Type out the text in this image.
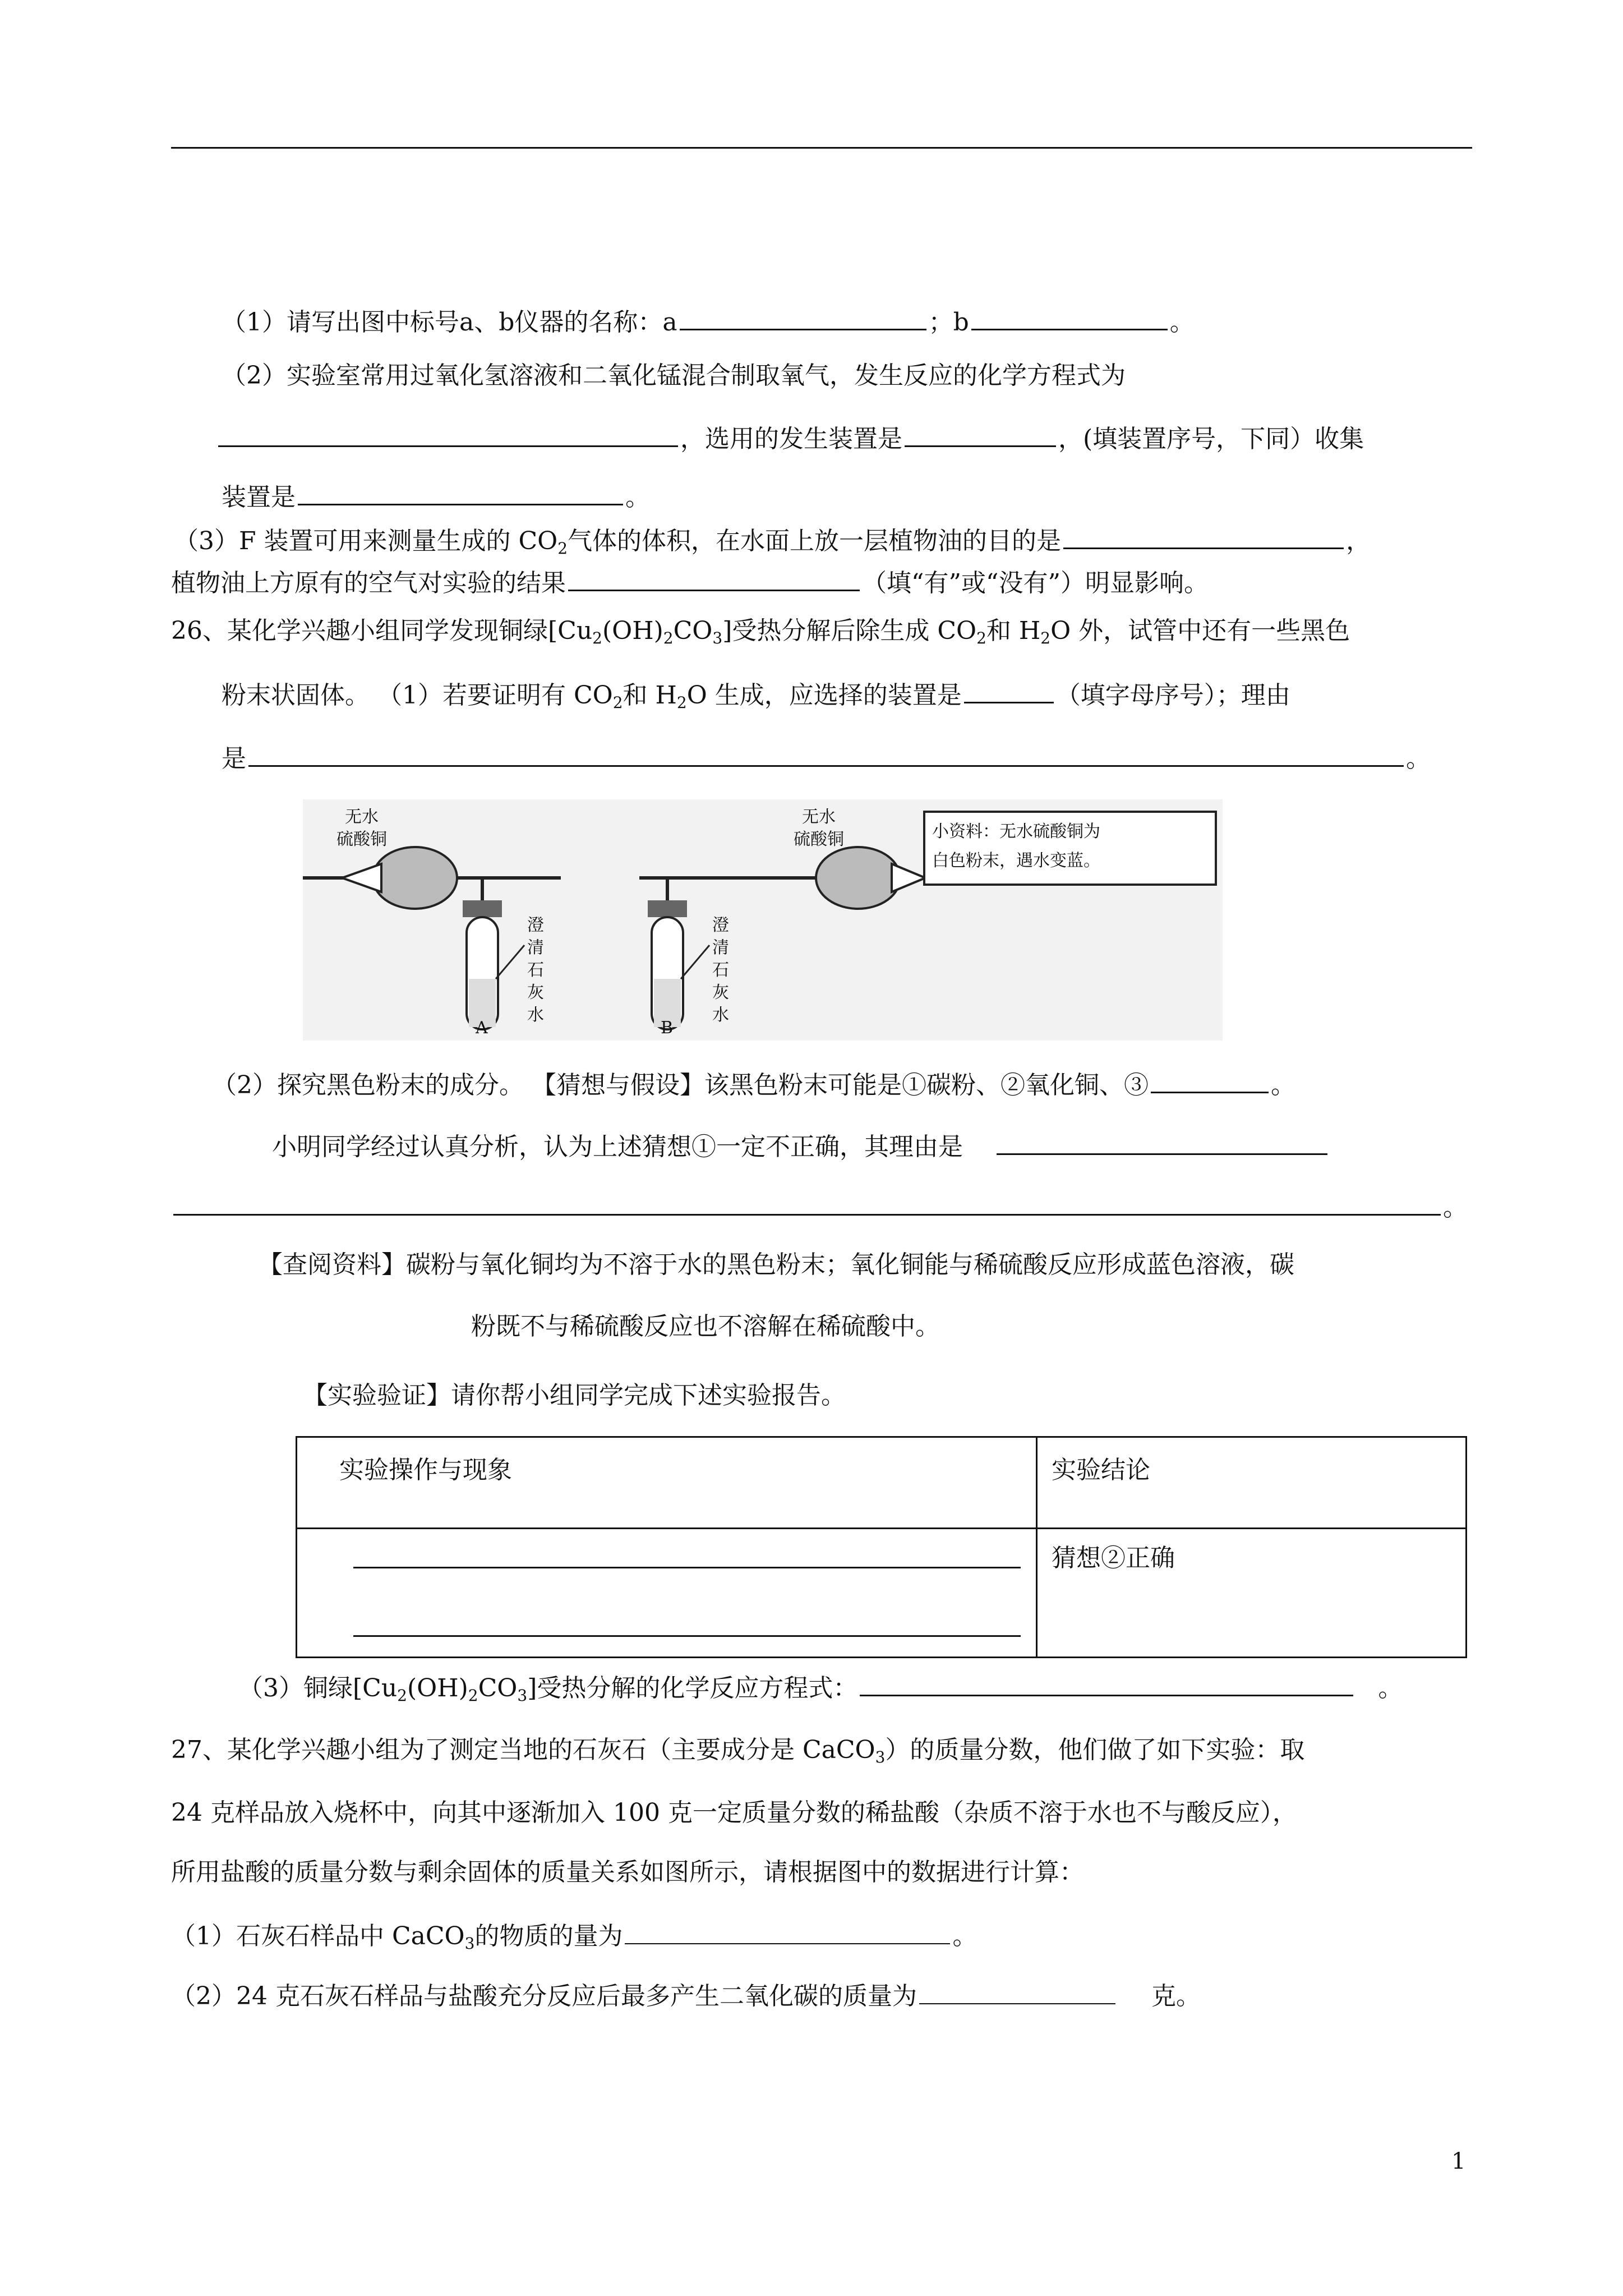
（1）请写出图中标号a、b仪器的名称：a	；b	。
（2）实验室常用过氧化氢溶液和二氧化锰混合制取氧气，发生反应的化学方程式为
，选用的发生装置是	，(填装置序号，下同）收集
装置是	。
（3）F 装置可用来测量生成的 $CO_2$气体的体积，在水面上放一层植物油的目的是	，
植物油上方原有的空气对实验的结果	（填“有”或“没有”）明显影响。
26、某化学兴趣小组同学发现铜绿$[Cu_2(OH)_2CO_3]$受热分解后除生成 $CO_2$和 $H_2O$ 外，试管中还有一些黑色
粉末状固体。 （1）若要证明有 $CO_2$和 $H_2O$ 生成，应选择的装置是	（填字母序号）；理由
是	。
无水
硫酸铜
无水
硫酸铜
澄
清
石
灰
水
澄
清
石
灰
水
A	B
小资料：无水硫酸铜为
白色粉末，遇水变蓝。
（2）探究黑色粉末的成分。 【猜想与假设】该黑色粉末可能是①碳粉、②氧化铜、③	。
小明同学经过认真分析，认为上述猜想①一定不正确，其理由是
。
【查阅资料】碳粉与氧化铜均为不溶于水的黑色粉末；氧化铜能与稀硫酸反应形成蓝色溶液，碳
粉既不与稀硫酸反应也不溶解在稀硫酸中。
【实验验证】请你帮小组同学完成下述实验报告。
实验操作与现象	实验结论
猜想②正确
（3）铜绿$[Cu_2(OH)_2CO_3]$受热分解的化学反应方程式：	。
27、某化学兴趣小组为了测定当地的石灰石（主要成分是 CaCO$_3$）的质量分数，他们做了如下实验：取
24 克样品放入烧杯中，向其中逐渐加入 100 克一定质量分数的稀盐酸（杂质不溶于水也不与酸反应），
所用盐酸的质量分数与剩余固体的质量关系如图所示，请根据图中的数据进行计算：
（1）石灰石样品中 CaCO$_3$的物质的量为	。
（2）24 克石灰石样品与盐酸充分反应后最多产生二氧化碳的质量为	克。
1
